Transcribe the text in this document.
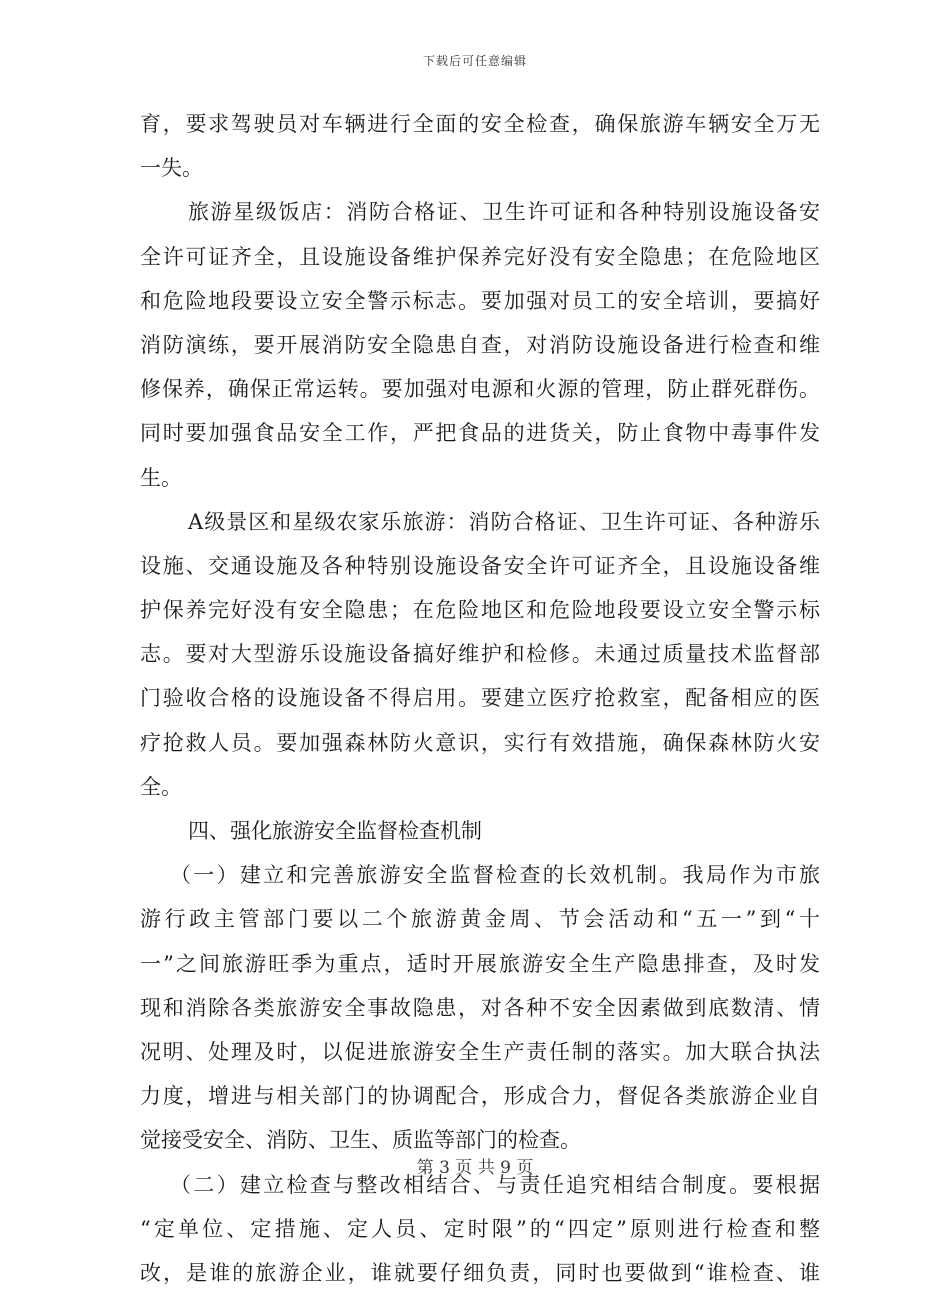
下载后可任意编辑
育，要求驾驶员对车辆进行全面的安全检查，确保旅游车辆安全万无
一失。
旅游星级饭店：消防合格证、卫生许可证和各种特别设施设备安
全许可证齐全，且设施设备维护保养完好没有安全隐患；在危险地区
和危险地段要设立安全警示标志。要加强对员工的安全培训，要搞好
消防演练，要开展消防安全隐患自查，对消防设施设备进行检查和维
修保养，确保正常运转。要加强对电源和火源的管理，防止群死群伤。
同时要加强食品安全工作，严把食品的进货关，防止食物中毒事件发
生。
A级景区和星级农家乐旅游：消防合格证、卫生许可证、各种游乐
设施、交通设施及各种特别设施设备安全许可证齐全，且设施设备维
护保养完好没有安全隐患；在危险地区和危险地段要设立安全警示标
志。要对大型游乐设施设备搞好维护和检修。未通过质量技术监督部
门验收合格的设施设备不得启用。要建立医疗抢救室，配备相应的医
疗抢救人员。要加强森林防火意识，实行有效措施，确保森林防火安
全。
四、强化旅游安全监督检查机制
（一）建立和完善旅游安全监督检查的长效机制。我局作为市旅
游行政主管部门要以二个旅游黄金周、节会活动和“五一”到“十
一”之间旅游旺季为重点，适时开展旅游安全生产隐患排查，及时发
现和消除各类旅游安全事故隐患，对各种不安全因素做到底数清、情
况明、处理及时，以促进旅游安全生产责任制的落实。加大联合执法
力度，增进与相关部门的协调配合，形成合力，督促各类旅游企业自
觉接受安全、消防、卫生、质监等部门的检查。
（二）建立检查与整改相结合、与责任追究相结合制度。要根据
“定单位、定措施、定人员、定时限”的“四定”原则进行检查和整
改，是谁的旅游企业，谁就要仔细负责，同时也要做到“谁检查、谁
第 3 页 共 9 页
